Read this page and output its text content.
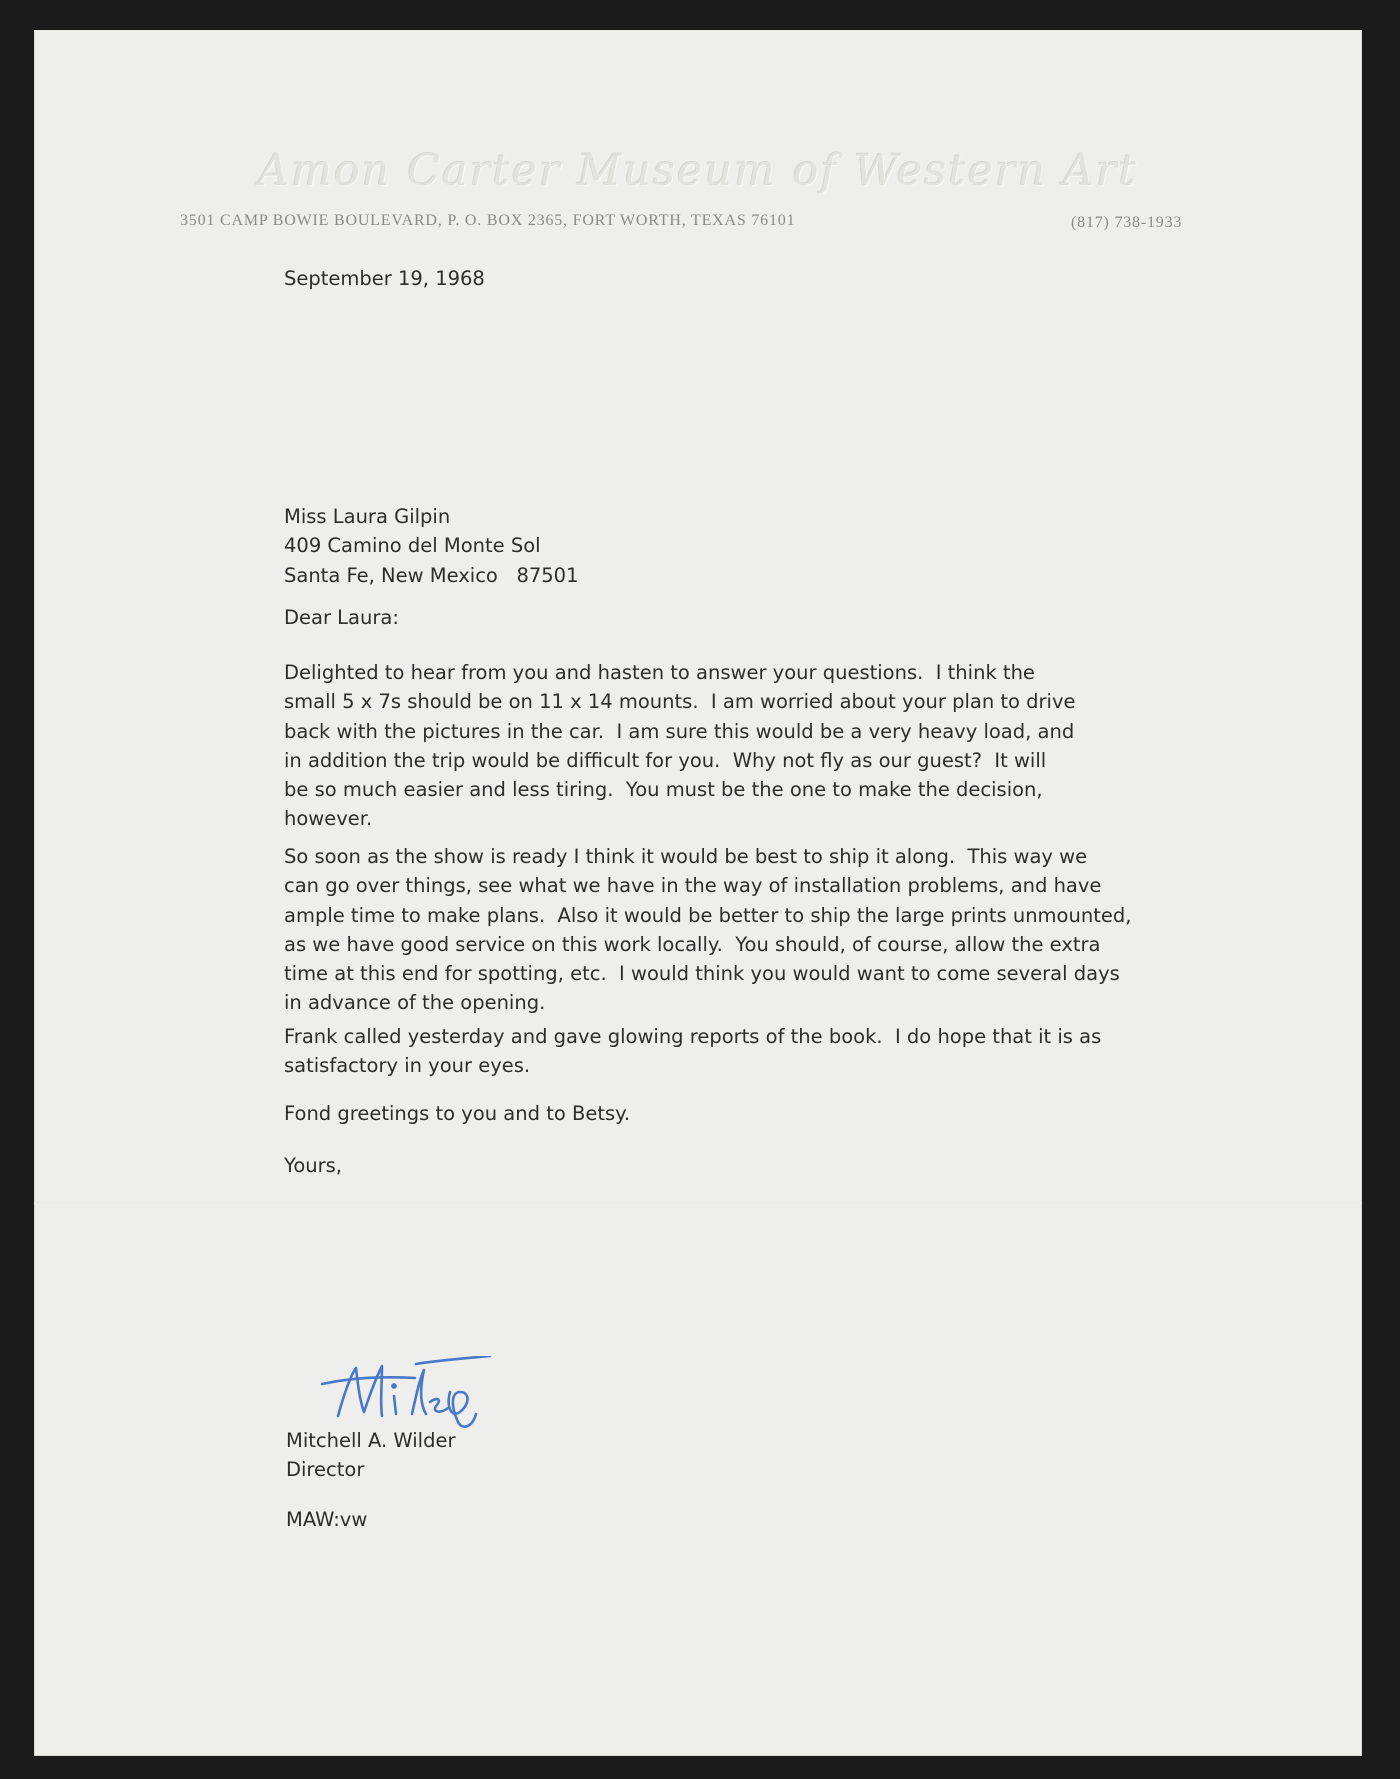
Amon Carter Museum of Western Art
3501 CAMP BOWIE BOULEVARD, P. O. BOX 2365, FORT WORTH, TEXAS 76101	(817) 738-1933
September 19, 1968
Miss Laura Gilpin
409 Camino del Monte Sol
Santa Fe, New Mexico   87501
Dear Laura:
Delighted to hear from you and hasten to answer your questions.  I think the
small 5 x 7s should be on 11 x 14 mounts.  I am worried about your plan to drive
back with the pictures in the car.  I am sure this would be a very heavy load, and
in addition the trip would be difficult for you.  Why not fly as our guest?  It will
be so much easier and less tiring.  You must be the one to make the decision,
however.
So soon as the show is ready I think it would be best to ship it along.  This way we
can go over things, see what we have in the way of installation problems, and have
ample time to make plans.  Also it would be better to ship the large prints unmounted,
as we have good service on this work locally.  You should, of course, allow the extra
time at this end for spotting, etc.  I would think you would want to come several days
in advance of the opening.
Frank called yesterday and gave glowing reports of the book.  I do hope that it is as
satisfactory in your eyes.
Fond greetings to you and to Betsy.
Yours,
Mitchell A. Wilder
Director
MAW:vw
